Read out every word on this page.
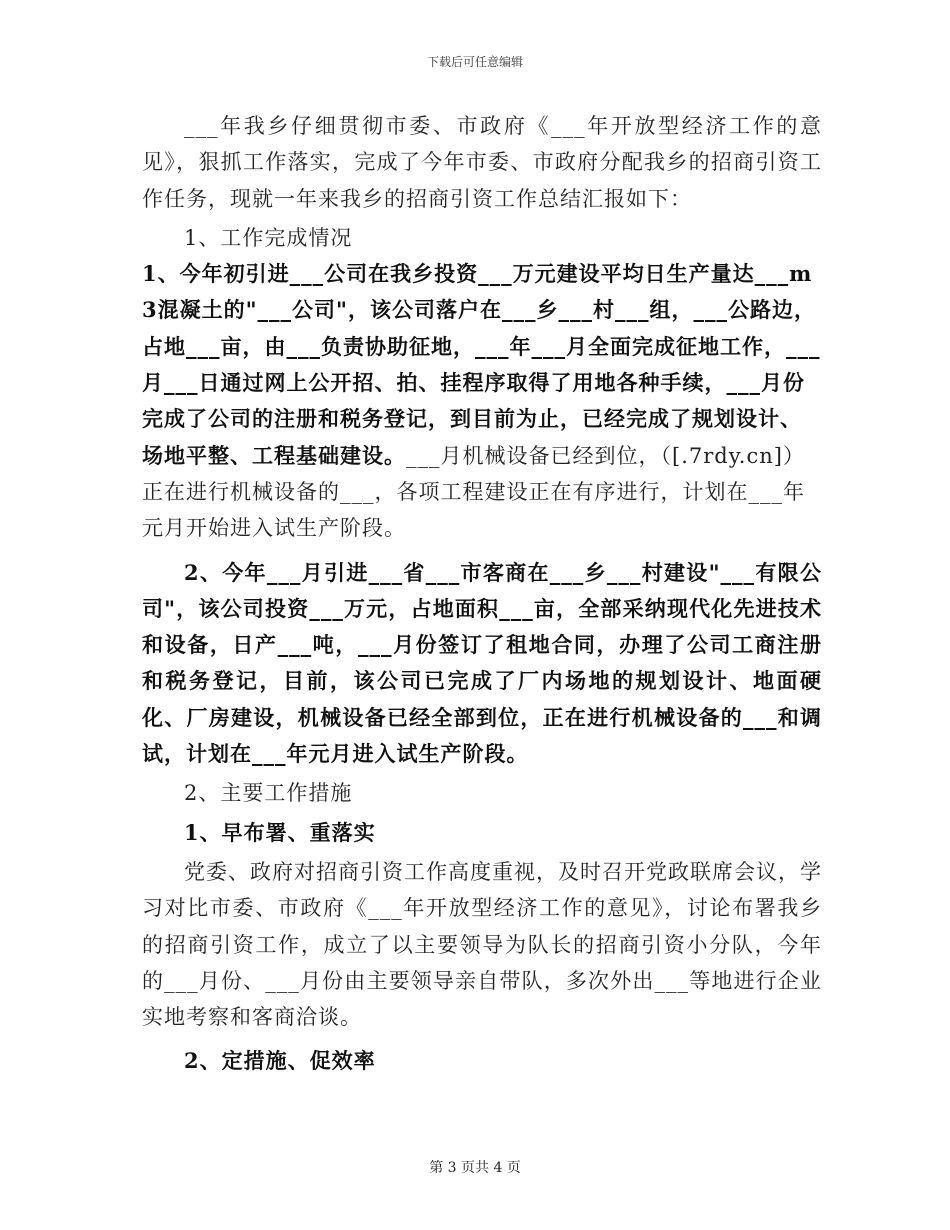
下载后可任意编辑

___年我乡仔细贯彻市委、市政府《___年开放型经济工作的意见》，狠抓工作落实，完成了今年市委、市政府分配我乡的招商引资工作任务，现就一年来我乡的招商引资工作总结汇报如下：

1、工作完成情况

1、今年初引进___公司在我乡投资___万元建设平均日生产量达___m3混凝土的"___公司"，该公司落户在___乡___村___组，___公路边，占地___亩，由___负责协助征地，___年___月全面完成征地工作，___月___日通过网上公开招、拍、挂程序取得了用地各种手续，___月份完成了公司的注册和税务登记，到目前为止，已经完成了规划设计、场地平整、工程基础建设。

___月机械设备已经到位，（[.7rdy.cn]）正在进行机械设备的___，各项工程建设正在有序进行，计划在___年元月开始进入试生产阶段。

2、今年___月引进___省___市客商在___乡___村建设"___有限公司"，该公司投资___万元，占地面积___亩，全部采纳现代化先进技术和设备，日产___吨，___月份签订了租地合同，办理了公司工商注册和税务登记，目前，该公司已完成了厂内场地的规划设计、地面硬化、厂房建设，机械设备已经全部到位，正在进行机械设备的___和调试，计划在___年元月进入试生产阶段。

2、主要工作措施

1、早布署、重落实

党委、政府对招商引资工作高度重视，及时召开党政联席会议，学习对比市委、市政府《___年开放型经济工作的意见》，讨论布署我乡的招商引资工作，成立了以主要领导为队长的招商引资小分队，今年的___月份、___月份由主要领导亲自带队，多次外出___等地进行企业实地考察和客商洽谈。

2、定措施、促效率

第 3 页共 4 页
